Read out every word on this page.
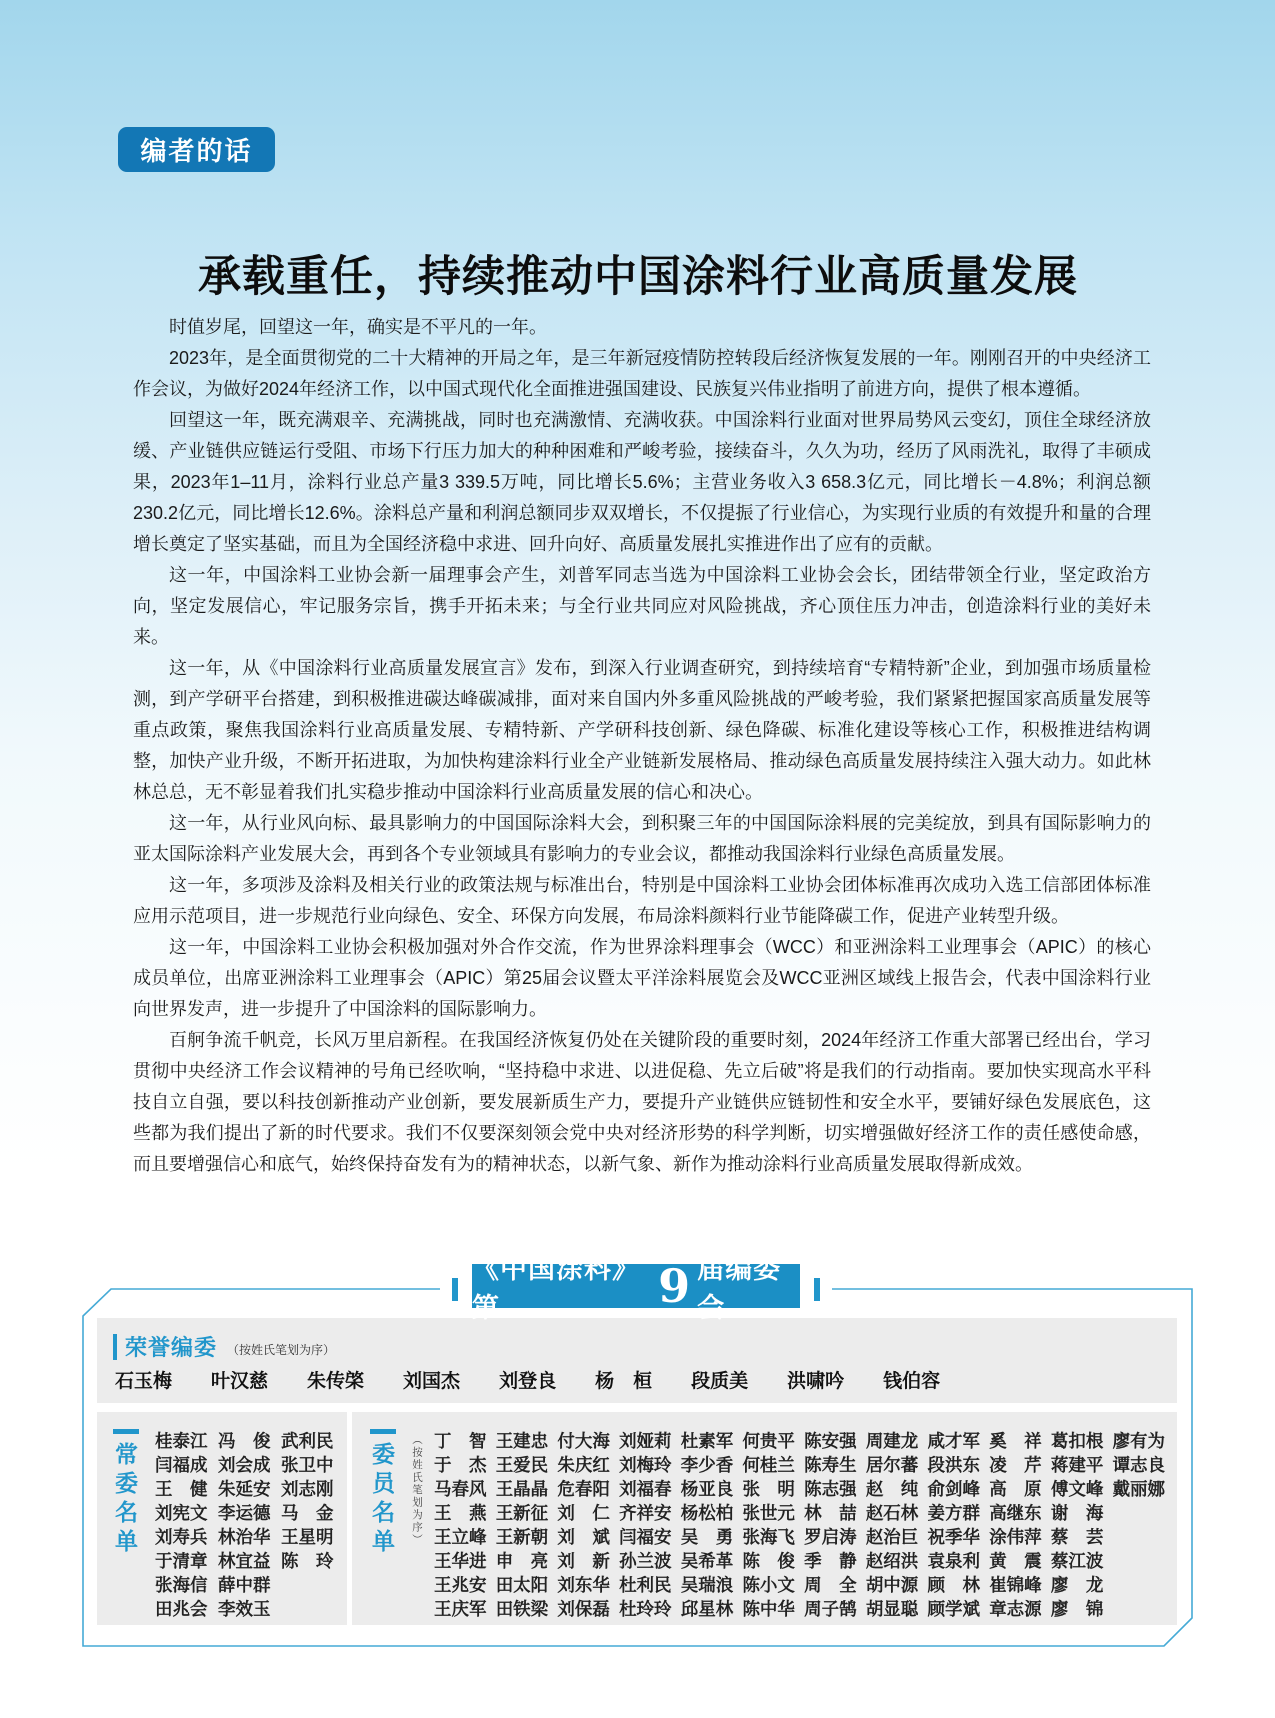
编者的话
承载重任，持续推动中国涂料行业高质量发展

时值岁尾，回望这一年，确实是不平凡的一年。

2023年，是全面贯彻党的二十大精神的开局之年，是三年新冠疫情防控转段后经济恢复发展的一年。刚刚召开的中央经济工作会议，为做好2024年经济工作，以中国式现代化全面推进强国建设、民族复兴伟业指明了前进方向，提供了根本遵循。

回望这一年，既充满艰辛、充满挑战，同时也充满激情、充满收获。中国涂料行业面对世界局势风云变幻，顶住全球经济放缓、产业链供应链运行受阻、市场下行压力加大的种种困难和严峻考验，接续奋斗，久久为功，经历了风雨洗礼，取得了丰硕成果，2023年1–11月，涂料行业总产量3 339.5万吨，同比增长5.6%；主营业务收入3 658.3亿元，同比增长－4.8%；利润总额230.2亿元，同比增长12.6%。涂料总产量和利润总额同步双双增长，不仅提振了行业信心，为实现行业质的有效提升和量的合理增长奠定了坚实基础，而且为全国经济稳中求进、回升向好、高质量发展扎实推进作出了应有的贡献。

这一年，中国涂料工业协会新一届理事会产生，刘普军同志当选为中国涂料工业协会会长，团结带领全行业，坚定政治方向，坚定发展信心，牢记服务宗旨，携手开拓未来；与全行业共同应对风险挑战，齐心顶住压力冲击，创造涂料行业的美好未来。

这一年，从《中国涂料行业高质量发展宣言》发布，到深入行业调查研究，到持续培育“专精特新”企业，到加强市场质量检测，到产学研平台搭建，到积极推进碳达峰碳减排，面对来自国内外多重风险挑战的严峻考验，我们紧紧把握国家高质量发展等重点政策，聚焦我国涂料行业高质量发展、专精特新、产学研科技创新、绿色降碳、标准化建设等核心工作，积极推进结构调整，加快产业升级，不断开拓进取，为加快构建涂料行业全产业链新发展格局、推动绿色高质量发展持续注入强大动力。如此林林总总，无不彰显着我们扎实稳步推动中国涂料行业高质量发展的信心和决心。

这一年，从行业风向标、最具影响力的中国国际涂料大会，到积聚三年的中国国际涂料展的完美绽放，到具有国际影响力的亚太国际涂料产业发展大会，再到各个专业领域具有影响力的专业会议，都推动我国涂料行业绿色高质量发展。

这一年，多项涉及涂料及相关行业的政策法规与标准出台，特别是中国涂料工业协会团体标准再次成功入选工信部团体标准应用示范项目，进一步规范行业向绿色、安全、环保方向发展，布局涂料颜料行业节能降碳工作，促进产业转型升级。

这一年，中国涂料工业协会积极加强对外合作交流，作为世界涂料理事会（WCC）和亚洲涂料工业理事会（APIC）的核心成员单位，出席亚洲涂料工业理事会（APIC）第25届会议暨太平洋涂料展览会及WCC亚洲区域线上报告会，代表中国涂料行业向世界发声，进一步提升了中国涂料的国际影响力。

百舸争流千帆竞，长风万里启新程。在我国经济恢复仍处在关键阶段的重要时刻，2024年经济工作重大部署已经出台，学习贯彻中央经济工作会议精神的号角已经吹响，“坚持稳中求进、以进促稳、先立后破”将是我们的行动指南。要加快实现高水平科技自立自强，要以科技创新推动产业创新，要发展新质生产力，要提升产业链供应链韧性和安全水平，要铺好绿色发展底色，这些都为我们提出了新的时代要求。我们不仅要深刻领会党中央对经济形势的科学判断，切实增强做好经济工作的责任感使命感，而且要增强信心和底气，始终保持奋发有为的精神状态，以新气象、新作为推动涂料行业高质量发展取得新成效。

《中国涂料》第	9 届编委会
荣誉编委 （按姓氏笔划为序）
石玉梅 叶汉慈 朱传棨 刘国杰 刘登良 杨　桓 段质美 洪啸吟 钱伯容
常委名单
桂泰江 冯　俊 武利民
闫福成 刘会成 张卫中
王　健 朱延安 刘志刚
刘宪文 李运德 马　金
刘寿兵 林治华 王星明
于清章 林宜益 陈　玲
张海信 薛中群
田兆会 李效玉
委员名单	（按姓氏笔划为序） 丁　智 王建忠 付大海 刘娅莉 杜素军 何贵平 陈安强 周建龙 咸才军 奚　祥 葛扣根 廖有为
于　杰 王爱民 朱庆红 刘梅玲 李少香 何桂兰 陈寿生 居尔蕃 段洪东 凌　芹 蒋建平 谭志良
马春风 王晶晶 危春阳 刘福春 杨亚良 张　明 陈志强 赵　纯 俞剑峰 高　原 傅文峰 戴丽娜
王　燕 王新征 刘　仁 齐祥安 杨松柏 张世元 林　喆 赵石林 姜方群 高继东 谢　海
王立峰 王新朝 刘　斌 闫福安 吴　勇 张海飞 罗启涛 赵治巨 祝季华 涂伟萍 蔡　芸
王华进 申　亮 刘　新 孙兰波 吴希革 陈　俊 季　静 赵绍洪 袁泉利 黄　震 蔡江波
王兆安 田太阳 刘东华 杜利民 吴瑞浪 陈小文 周　全 胡中源 顾　林 崔锦峰 廖　龙
王庆军 田铁梁 刘保磊 杜玲玲 邱星林 陈中华 周子鹄 胡显聪 顾学斌 章志源 廖　锦
